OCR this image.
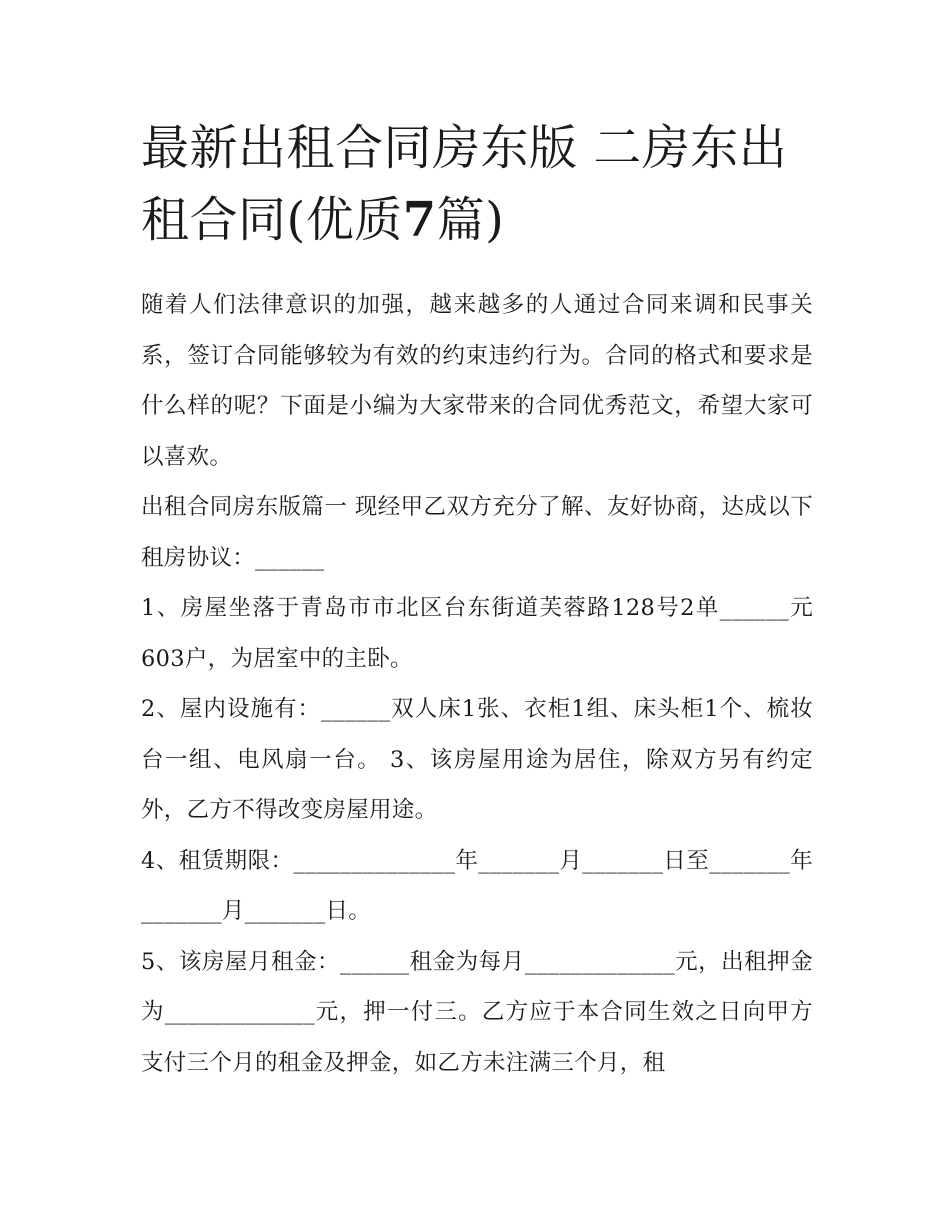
最新出租合同房东版 二房东出租合同(优质7篇)

随着人们法律意识的加强，越来越多的人通过合同来调和民事关系，签订合同能够较为有效的约束违约行为。合同的格式和要求是什么样的呢？下面是小编为大家带来的合同优秀范文，希望大家可以喜欢。

出租合同房东版篇一 现经甲乙双方充分了解、友好协商，达成以下租房协议：______

1、房屋坐落于青岛市市北区台东街道芙蓉路128号2单______元603户，为居室中的主卧。

2、屋内设施有：______双人床1张、衣柜1组、床头柜1个、梳妆台一组、电风扇一台。 3、该房屋用途为居住，除双方另有约定外，乙方不得改变房屋用途。

4、租赁期限：______________年_______月_______日至_______年_______月_______日。

5、该房屋月租金：______租金为每月_____________元，出租押金为_____________元，押一付三。乙方应于本合同生效之日向甲方支付三个月的租金及押金，如乙方未注满三个月，租
